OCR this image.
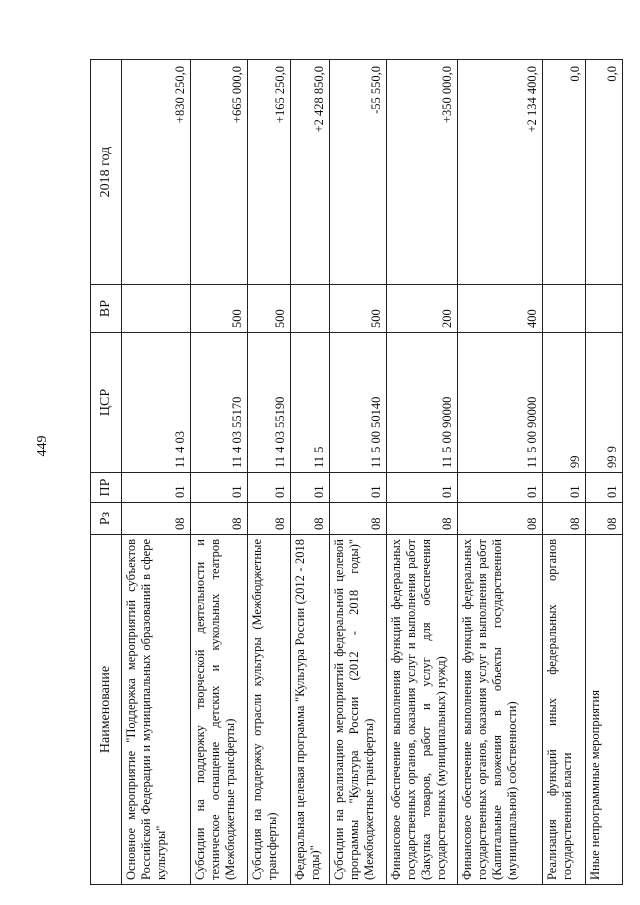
449
Наименование	Рз	ПР	ЦСР	ВР	2018 год
Основное мероприятие "Поддержка мероприятий субъектов Российской Федерации и муниципальных образований в сфере культуры"	08	01	11 4 03		+830 250,0
Субсидии на поддержку творческой деятельности и техническое оснащение детских и кукольных театров (Межбюджетные трансферты)	08	01	11 4 03 55170	500	+665 000,0
Субсидия на поддержку отрасли культуры (Межбюджетные трансферты)	08	01	11 4 03 55190	500	+165 250,0
Федеральная целевая программа "Культура России (2012 - 2018 годы)"	08	01	11 5		+2 428 850,0
Субсидии на реализацию мероприятий федеральной целевой программы "Культура России (2012 - 2018 годы)" (Межбюджетные трансферты)	08	01	11 5 00 50140	500	-55 550,0
Финансовое обеспечение выполнения функций федеральных государственных органов, оказания услуг и выполнения работ (Закупка товаров, работ и услуг для обеспечения государственных (муниципальных) нужд)	08	01	11 5 00 90000	200	+350 000,0
Финансовое обеспечение выполнения функций федеральных государственных органов, оказания услуг и выполнения работ (Капитальные вложения в объекты государственной (муниципальной) собственности)	08	01	11 5 00 90000	400	+2 134 400,0
Реализация функций иных федеральных органов государственной власти	08	01	99		0,0
Иные непрограммные мероприятия	08	01	99 9		0,0
